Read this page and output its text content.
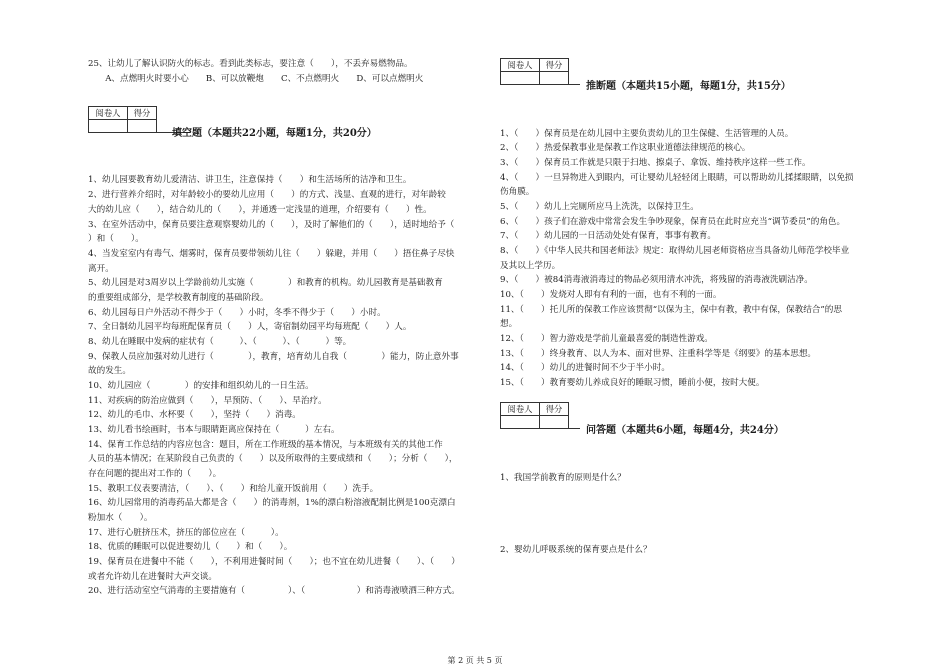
25、让幼儿了解认识防火的标志。看到此类标志，要注意（　　），不丢弃易燃物品。
　　A、点燃明火时要小心　　B、可以放鞭炮　　C、不点燃明火　　D、可以点燃明火
阅卷人	得分

填空题（本题共22小题，每题1分，共20分）
1、幼儿园要教育幼儿爱清洁、讲卫生，注意保持（　　）和生活场所的洁净和卫生。
2、进行营养介绍时，对年龄较小的要幼儿应用（　　）的方式、浅显、直观的进行，对年龄较
大的幼儿应（　　），结合幼儿的（　　），并通透一定浅显的道理，介绍要有（　　）性。
3、在室外活动中，保育员要注意观察婴幼儿的（　　），及时了解他们的（　　），适时地给予（
）和（　　）。
4、当发室室内有毒气、烟雾时，保育员要带领幼儿往（　　）躲避，并用（　　）捂住鼻子尽快
离开。
5、幼儿园是对3周岁以上学龄前幼儿实施（　　　　）和教育的机构。幼儿园教育是基础教育
的重要组成部分，是学校教育制度的基础阶段。
6、幼儿园每日户外活动不得少于（　　）小时，冬季不得少于（　　）小时。
7、全日制幼儿园平均每班配保育员（　　）人，寄宿制幼园平均每班配（　　）人。
8、幼儿在睡眠中发病的症状有（　　　）、（　　　）、（　　　）等。
9、保教人员应加强对幼儿进行（　　　　），教育，培育幼儿自我（　　　　）能力，防止意外事
故的发生。
10、幼儿园应（　　　　）的安排和组织幼儿的一日生活。
11、对疾病的防治应做到（　　），早预防、（　　）、早治疗。
12、幼儿的毛巾、水杯要（　　），坚持（　　）消毒。
13、幼儿看书绘画时，书本与眼睛距离应保持在（　　　）左右。
14、保育工作总结的内容应包含：题目，所在工作班级的基本情况，与本班级有关的其他工作
人员的基本情况；在某阶段自己负责的（　　）以及所取得的主要成绩和（　　）；分析（　　），
存在问题的提出对工作的（　　）。
15、教职工仪表要清洁，（　　）、（　　）和给儿童开饭前用（　　）洗手。
16、幼儿园常用的消毒药品大都是含（　　）的消毒剂，1%的漂白粉溶液配制比例是100克漂白
粉加水（　　）。
17、进行心脏挤压术，挤压的部位应在（　　　）。
18、优质的睡眠可以促进婴幼儿（　　）和（　　）。
19、保育员在进餐中不能（　　），不利用进餐时间（　　）；也不宜在幼儿进餐（　　）、（　　）
或者允许幼儿在进餐时大声交谈。
20、进行活动室空气消毒的主要措施有（　　　　　）、（　　　　　　）和消毒液喷洒三种方式。
阅卷人	得分

推断题（本题共15小题，每题1分，共15分）
1、（　　）保育员是在幼儿园中主要负责幼儿的卫生保健、生活管理的人员。
2、（　　）热爱保教事业是保教工作这职业道德法律规范的核心。
3、（　　）保育员工作就是只限于扫地、擦桌子、拿饭、维持秩序这样一些工作。
4、（　　）一旦异物进入到眼内，可让婴幼儿轻轻闭上眼睛，可以帮助幼儿揉揉眼睛，以免损
伤角膜。
5、（　　）幼儿上完厕所应马上洗洗，以保持卫生。
6、（　　）孩子们在游戏中常常会发生争吵现象，保育员在此时应充当“调节委员”的角色。
7、（　　）幼儿园的一日活动处处有保育，事事有教育。
8、（　　）《中华人民共和国老师法》规定：取得幼儿园老师资格应当具备幼儿师范学校毕业
及其以上学历。
9、（　　）被84消毒液消毒过的物品必须用清水冲洗，将残留的消毒液洗刷洁净。
10、（　　）发烧对人即有有利的一面，也有不利的一面。
11、（　　）托儿所的保教工作应该贯彻“以保为主，保中有教，教中有保，保教结合”的思
想。
12、（　　）智力游戏是学前儿童最喜爱的制造性游戏。
13、（　　）终身教育、以人为本、面对世界、注重科学等是《纲要》的基本思想。
14、（　　）幼儿的进餐时间不少于半小时。
15、（　　）教育婴幼儿养成良好的睡眠习惯，睡前小便，按时大便。
阅卷人	得分

问答题（本题共6小题，每题4分，共24分）
1、我国学前教育的原则是什么？
2、婴幼儿呼吸系统的保育要点是什么？
第 2 页 共 5 页
